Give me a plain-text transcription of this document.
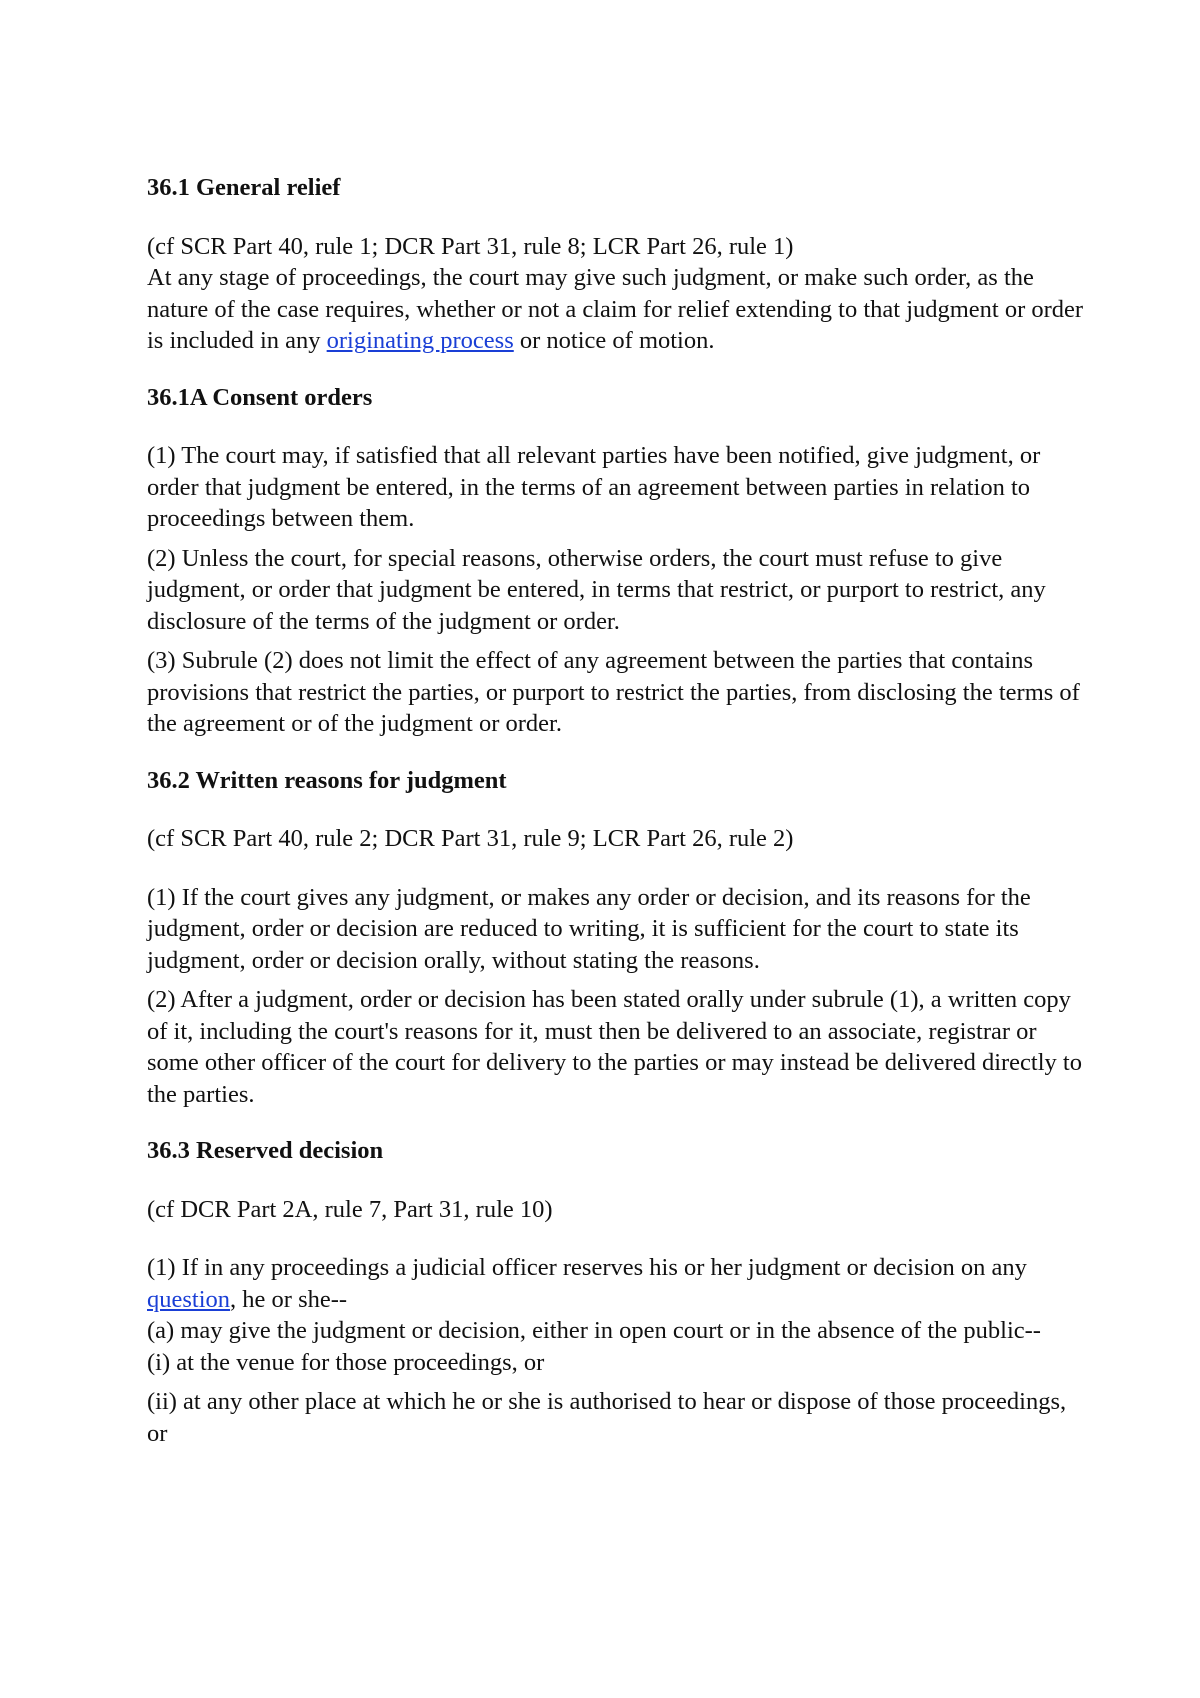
36.1 General relief

(cf SCR Part 40, rule 1; DCR Part 31, rule 8; LCR Part 26, rule 1)

At any stage of proceedings, the court may give such judgment, or make such order, as the nature of the case requires, whether or not a claim for relief extending to that judgment or order is included in any originating process or notice of motion.

36.1A Consent orders

(1) The court may, if satisfied that all relevant parties have been notified, give judgment, or order that judgment be entered, in the terms of an agreement between parties in relation to proceedings between them.

(2) Unless the court, for special reasons, otherwise orders, the court must refuse to give judgment, or order that judgment be entered, in terms that restrict, or purport to restrict, any disclosure of the terms of the judgment or order.

(3) Subrule (2) does not limit the effect of any agreement between the parties that contains provisions that restrict the parties, or purport to restrict the parties, from disclosing the terms of the agreement or of the judgment or order.

36.2 Written reasons for judgment

(cf SCR Part 40, rule 2; DCR Part 31, rule 9; LCR Part 26, rule 2)

(1) If the court gives any judgment, or makes any order or decision, and its reasons for the judgment, order or decision are reduced to writing, it is sufficient for the court to state its judgment, order or decision orally, without stating the reasons.

(2) After a judgment, order or decision has been stated orally under subrule (1), a written copy of it, including the court's reasons for it, must then be delivered to an associate, registrar or some other officer of the court for delivery to the parties or may instead be delivered directly to the parties.

36.3 Reserved decision

(cf DCR Part 2A, rule 7, Part 31, rule 10)

(1) If in any proceedings a judicial officer reserves his or her judgment or decision on any question, he or she--

(a) may give the judgment or decision, either in open court or in the absence of the public--

(i) at the venue for those proceedings, or

(ii) at any other place at which he or she is authorised to hear or dispose of those proceedings, or
